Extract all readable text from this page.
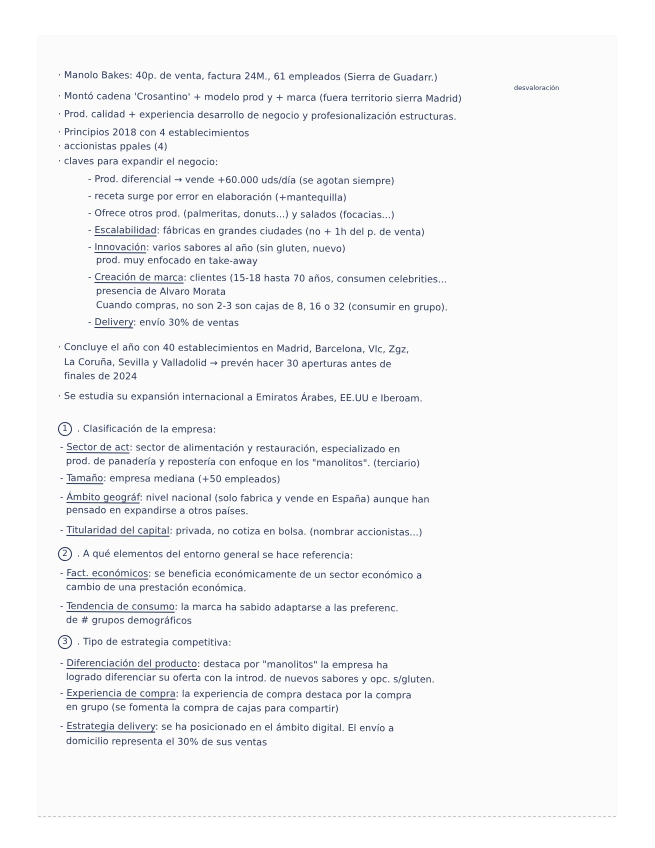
· Manolo Bakes: 40p. de venta, factura 24M., 61 empleados (Sierra de Guadarr.)
desvaloración
· Montó cadena 'Crosantino' + modelo prod y + marca (fuera territorio sierra Madrid)
· Prod. calidad + experiencia desarrollo de negocio y profesionalización estructuras.
· Principios 2018 con 4 establecimientos
· accionistas ppales (4)
· claves para expandir el negocio:
- Prod. diferencial → vende +60.000 uds/día (se agotan siempre)
- receta surge por error en elaboración (+mantequilla)
- Ofrece otros prod. (palmeritas, donuts...) y salados (focacias...)
- Escalabilidad: fábricas en grandes ciudades (no + 1h del p. de venta)
- Innovación: varios sabores al año (sin gluten, nuevo)
prod. muy enfocado en take-away
- Creación de marca: clientes (15-18 hasta 70 años, consumen celebrities...
presencia de Alvaro Morata
Cuando compras, no son 2-3 son cajas de 8, 16 o 32 (consumir en grupo).
- Delivery: envío 30% de ventas
· Concluye el año con 40 establecimientos en Madrid, Barcelona, Vlc, Zgz,
La Coruña, Sevilla y Valladolid → prevén hacer 30 aperturas antes de
finales de 2024
· Se estudia su expansión internacional a Emiratos Árabes, EE.UU e Iberoam.
1 . Clasificación de la empresa:
- Sector de act: sector de alimentación y restauración, especializado en
prod. de panadería y repostería con enfoque en los "manolitos". (terciario)
- Tamaño: empresa mediana (+50 empleados)
- Ámbito geográf: nivel nacional (solo fabrica y vende en España) aunque han
pensado en expandirse a otros países.
- Titularidad del capital: privada, no cotiza en bolsa. (nombrar accionistas...)
2 . A qué elementos del entorno general se hace referencia:
- Fact. económicos: se beneficia económicamente de un sector económico a
cambio de una prestación económica.
- Tendencia de consumo: la marca ha sabido adaptarse a las preferenc.
de # grupos demográficos
3 . Tipo de estrategia competitiva:
- Diferenciación del producto: destaca por "manolitos" la empresa ha
logrado diferenciar su oferta con la introd. de nuevos sabores y opc. s/gluten.
- Experiencia de compra: la experiencia de compra destaca por la compra
en grupo (se fomenta la compra de cajas para compartir)
- Estrategia delivery: se ha posicionado en el ámbito digital. El envío a
domicilio representa el 30% de sus ventas
